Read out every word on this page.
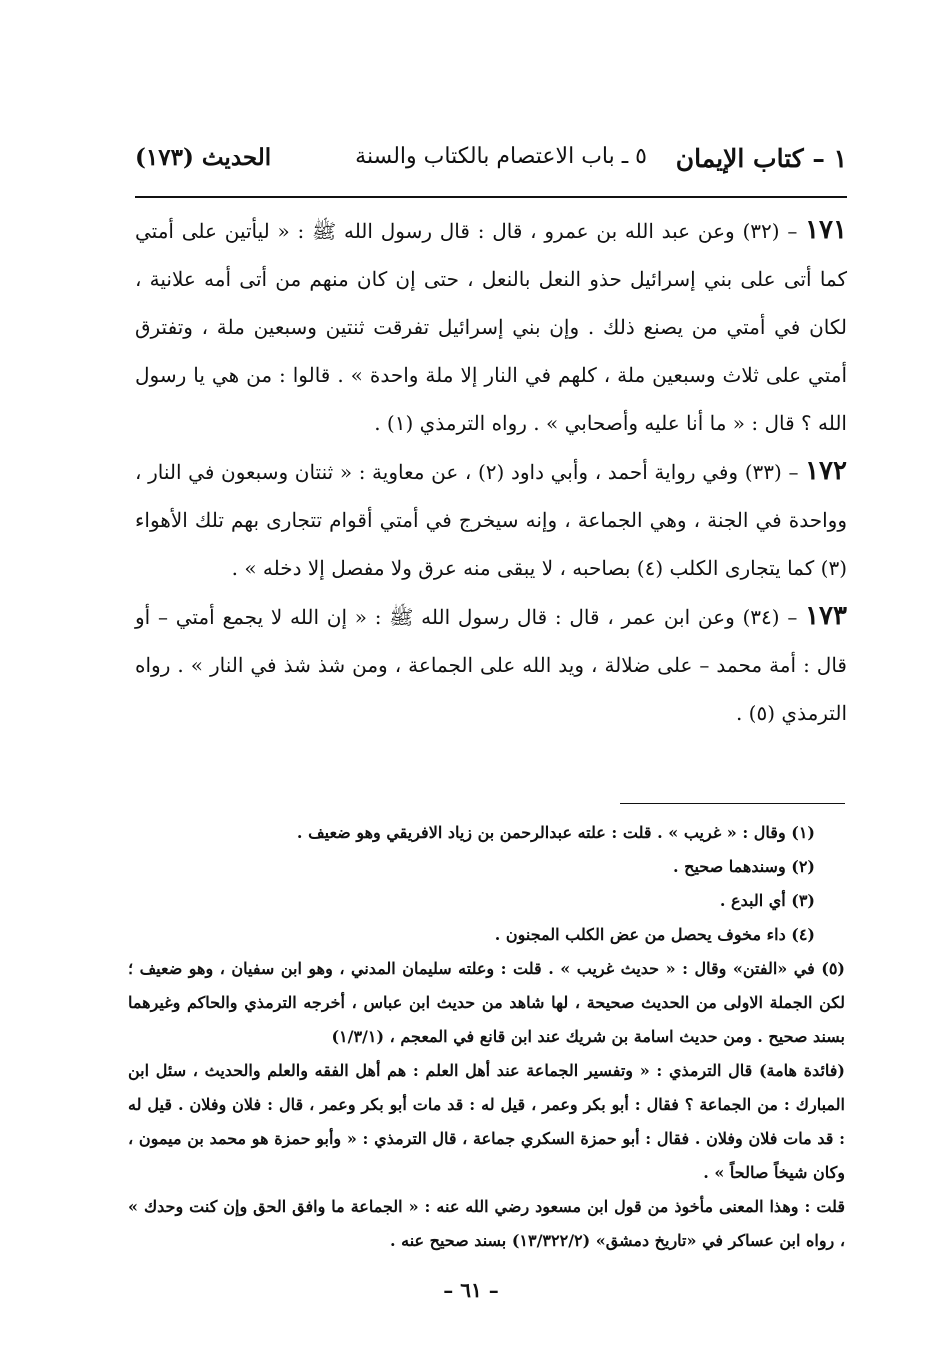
١ – كتاب الإيمان
٥ ـ باب الاعتصام بالكتاب والسنة
الحديث (١٧٣)

١٧١ – (٣٢) وعن عبد الله بن عمرو ، قال : قال رسول الله ﷺ : « ليأتين على أمتي كما أتى على بني إسرائيل حذو النعل بالنعل ، حتى إن كان منهم من أتى أمه علانية ، لكان في أمتي من يصنع ذلك . وإن بني إسرائيل تفرقت ثنتين وسبعين ملة ، وتفترق أمتي على ثلاث وسبعين ملة ، كلهم في النار إلا ملة واحدة » . قالوا : من هي يا رسول الله ؟ قال : « ما أنا عليه وأصحابي » . رواه الترمذي (١) .

١٧٢ – (٣٣) وفي رواية أحمد ، وأبي داود (٢) ، عن معاوية : « ثنتان وسبعون في النار ، وواحدة في الجنة ، وهي الجماعة ، وإنه سيخرج في أمتي أقوام تتجارى بهم تلك الأهواء (٣) كما يتجارى الكلب (٤) بصاحبه ، لا يبقى منه عرق ولا مفصل إلا دخله » .

١٧٣ – (٣٤) وعن ابن عمر ، قال : قال رسول الله ﷺ : « إن الله لا يجمع أمتي – أو قال : أمة محمد – على ضلالة ، ويد الله على الجماعة ، ومن شذ شذ في النار » . رواه الترمذي (٥) .

(١) وقال : « غريب » . قلت : علته عبدالرحمن بن زياد الافريقي وهو ضعيف .

(٢) وسندهما صحيح .

(٣) أي البدع .

(٤) داء مخوف يحصل من عض الكلب المجنون .

(٥) في «الفتن» وقال : « حديث غريب » . قلت : وعلته سليمان المدني ، وهو ابن سفيان ، وهو ضعيف ؛ لكن الجملة الاولى من الحديث صحيحة ، لها شاهد من حديث ابن عباس ، أخرجه الترمذي والحاكم وغيرهما بسند صحيح . ومن حديث اسامة بن شريك عند ابن قانع في المعجم ، (١/٣/١)

(فائدة هامة) قال الترمذي : « وتفسير الجماعة عند أهل العلم : هم أهل الفقه والعلم والحديث ، سئل ابن المبارك : من الجماعة ؟ فقال : أبو بكر وعمر ، قيل له : قد مات أبو بكر وعمر ، قال : فلان وفلان . قيل له : قد مات فلان وفلان . فقال : أبو حمزة السكري جماعة ، قال الترمذي : « وأبو حمزة هو محمد بن ميمون ، وكان شيخاً صالحاً » .

قلت : وهذا المعنى مأخوذ من قول ابن مسعود رضي الله عنه : « الجماعة ما وافق الحق وإن كنت وحدك » ، رواه ابن عساكر في «تاريخ دمشق» (١٣/٣٢٢/٢) بسند صحيح عنه .

– ٦١ –
